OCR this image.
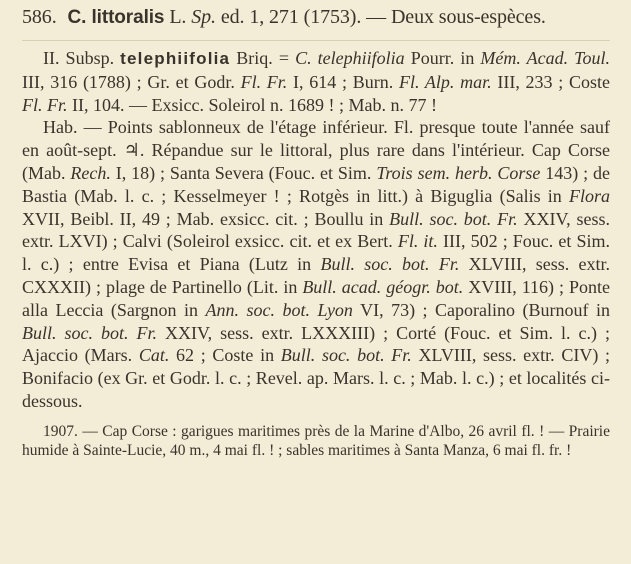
586. C. littoralis L. Sp. ed. 1, 271 (1753). — Deux sous-espèces.

II. Subsp. telephiifolia Briq. = C. telephiifolia Pourr. in Mém. Acad. Toul. III, 316 (1788) ; Gr. et Godr. Fl. Fr. I, 614 ; Burn. Fl. Alp. mar. III, 233 ; Coste Fl. Fr. II, 104. — Exsicc. Soleirol n. 1689 ! ; Mab. n. 77 !

Hab. — Points sablonneux de l'étage inférieur. Fl. presque toute l'année sauf en août-sept. ♃. Répandue sur le littoral, plus rare dans l'intérieur. Cap Corse (Mab. Rech. I, 18) ; Santa Severa (Fouc. et Sim. Trois sem. herb. Corse 143) ; de Bastia (Mab. l. c. ; Kesselmeyer ! ; Rotgès in litt.) à Biguglia (Salis in Flora XVII, Beibl. II, 49 ; Mab. exsicc. cit. ; Boullu in Bull. soc. bot. Fr. XXIV, sess. extr. LXVI) ; Calvi (Soleirol exsicc. cit. et ex Bert. Fl. it. III, 502 ; Fouc. et Sim. l. c.) ; entre Evisa et Piana (Lutz in Bull. soc. bot. Fr. XLVIII, sess. extr. CXXXII) ; plage de Partinello (Lit. in Bull. acad. géogr. bot. XVIII, 116) ; Ponte alla Leccia (Sargnon in Ann. soc. bot. Lyon VI, 73) ; Caporalino (Burnouf in Bull. soc. bot. Fr. XXIV, sess. extr. LXXXIII) ; Corté (Fouc. et Sim. l. c.) ; Ajaccio (Mars. Cat. 62 ; Coste in Bull. soc. bot. Fr. XLVIII, sess. extr. CIV) ; Bonifacio (ex Gr. et Godr. l. c. ; Revel. ap. Mars. l. c. ; Mab. l. c.) ; et localités ci-dessous.

1907. — Cap Corse : garigues maritimes près de la Marine d'Albo, 26 avril fl. ! — Prairie humide à Sainte-Lucie, 40 m., 4 mai fl. ! ; sables maritimes à Santa Manza, 6 mai fl. fr. !
